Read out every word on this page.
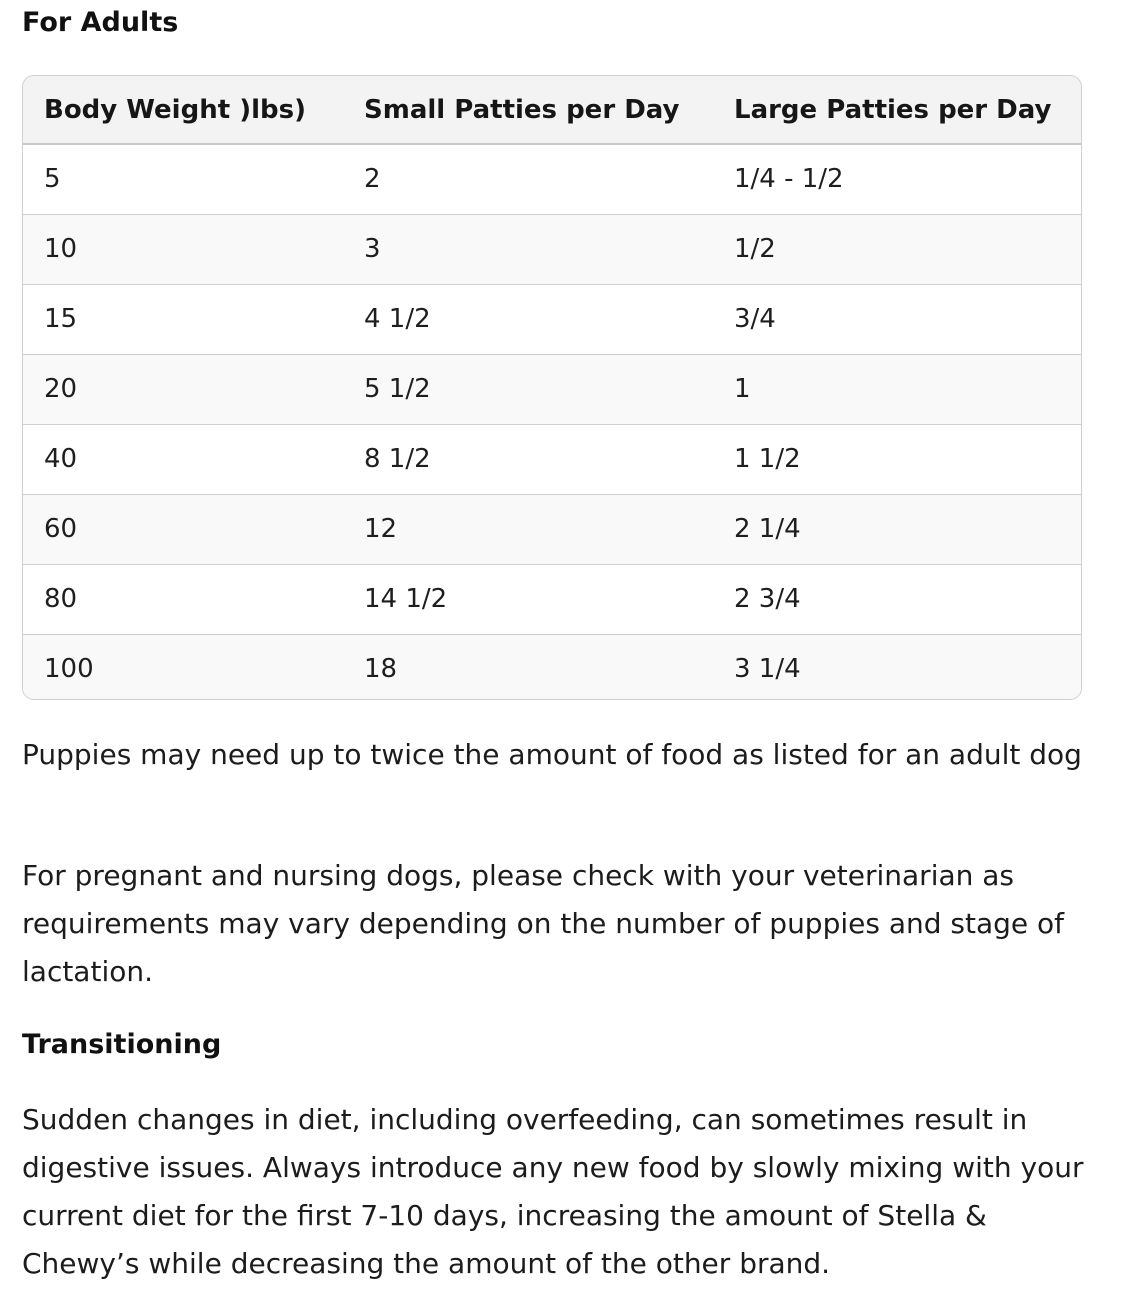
For Adults
Body Weight )lbs)	Small Patties per Day	Large Patties per Day
5	2	1/4 - 1/2
10	3	1/2
15	4 1/2	3/4
20	5 1/2	1
40	8 1/2	1 1/2
60	12	2 1/4
80	14 1/2	2 3/4
100	18	3 1/4

Puppies may need up to twice the amount of food as listed for an adult dog

For pregnant and nursing dogs, please check with your veterinarian as requirements may vary depending on the number of puppies and stage of lactation.

Transitioning

Sudden changes in diet, including overfeeding, can sometimes result in digestive issues. Always introduce any new food by slowly mixing with your current diet for the first 7-10 days, increasing the amount of Stella & Chewy’s while decreasing the amount of the other brand.
